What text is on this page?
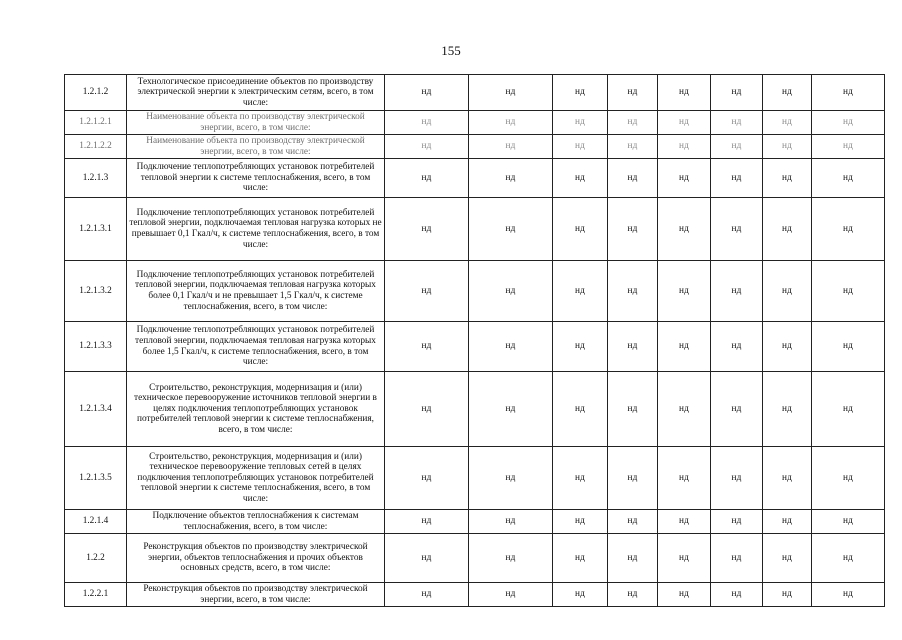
155
1.2.1.2	Технологическое присоединение объектов по производству электрической энергии к электрическим сетям, всего, в том числе:	нд	нд	нд	нд	нд	нд	нд	нд
1.2.1.2.1	Наименование объекта по производству электрической энергии, всего, в том числе:	нд	нд	нд	нд	нд	нд	нд	нд
1.2.1.2.2	Наименование объекта по производству электрической энергии, всего, в том числе:	нд	нд	нд	нд	нд	нд	нд	нд
1.2.1.3	Подключение теплопотребляющих установок потребителей тепловой энергии к системе теплоснабжения, всего, в том числе:	нд	нд	нд	нд	нд	нд	нд	нд
1.2.1.3.1	Подключение теплопотребляющих установок потребителей тепловой энергии, подключаемая тепловая нагрузка которых не превышает 0,1 Гкал/ч, к системе теплоснабжения, всего, в том числе:	нд	нд	нд	нд	нд	нд	нд	нд
1.2.1.3.2	Подключение теплопотребляющих установок потребителей тепловой энергии, подключаемая тепловая нагрузка которых более 0,1 Гкал/ч и не превышает 1,5 Гкал/ч, к системе теплоснабжения, всего, в том числе:	нд	нд	нд	нд	нд	нд	нд	нд
1.2.1.3.3	Подключение теплопотребляющих установок потребителей тепловой энергии, подключаемая тепловая нагрузка которых более 1,5 Гкал/ч, к системе теплоснабжения, всего, в том числе:	нд	нд	нд	нд	нд	нд	нд	нд
1.2.1.3.4	Строительство, реконструкция, модернизация и (или) техническое перевооружение источников тепловой энергии в целях подключения теплопотребляющих установок потребителей тепловой энергии к системе теплоснабжения, всего, в том числе:	нд	нд	нд	нд	нд	нд	нд	нд
1.2.1.3.5	Строительство, реконструкция, модернизация и (или) техническое перевооружение тепловых сетей в целях подключения теплопотребляющих установок потребителей тепловой энергии к системе теплоснабжения, всего, в том числе:	нд	нд	нд	нд	нд	нд	нд	нд
1.2.1.4	Подключение объектов теплоснабжения к системам теплоснабжения, всего, в том числе:	нд	нд	нд	нд	нд	нд	нд	нд
1.2.2	Реконструкция объектов по производству электрической энергии, объектов теплоснабжения и прочих объектов основных средств, всего, в том числе:	нд	нд	нд	нд	нд	нд	нд	нд
1.2.2.1	Реконструкция объектов по производству электрической энергии, всего, в том числе:	нд	нд	нд	нд	нд	нд	нд	нд
